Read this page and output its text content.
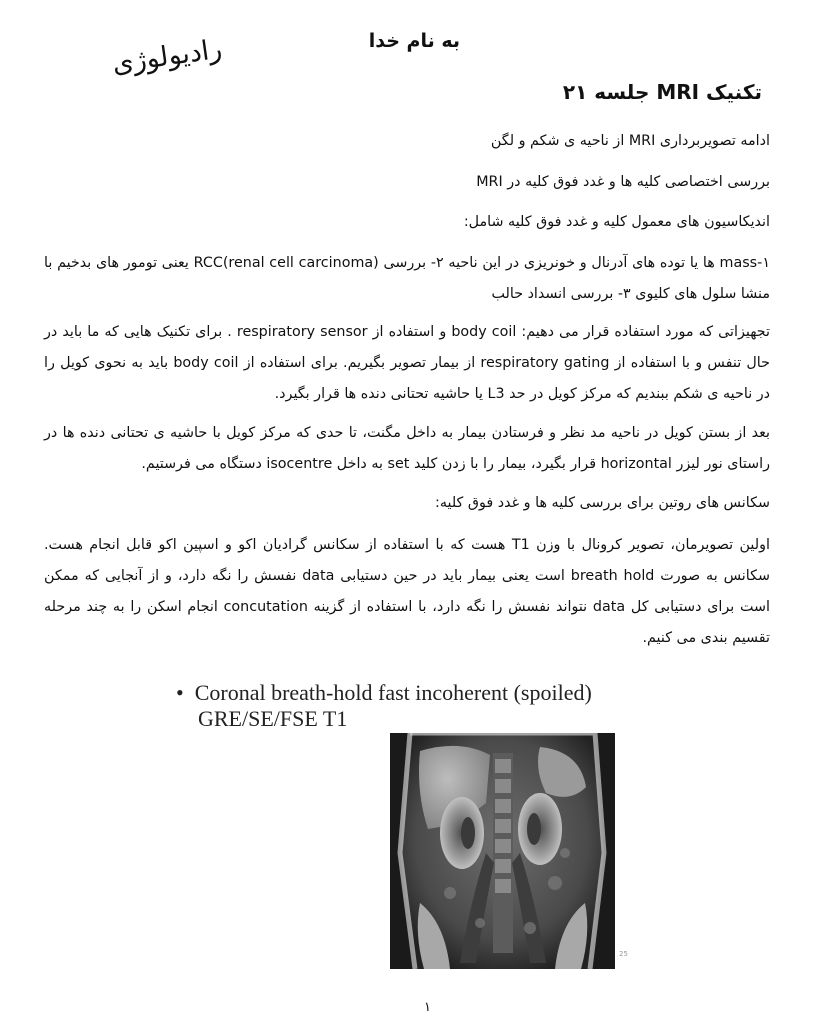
رادیولوژی	به نام خدا
تکنیک MRI جلسه ۲۱

ادامه تصویربرداری MRI از ناحیه ی شکم و لگن

بررسی اختصاصی کلیه ها و غدد فوق کلیه در MRI

اندیکاسیون های معمول کلیه و غدد فوق کلیه شامل:

۱-mass ها یا توده های آدرنال و خونریزی در این ناحیه ۲- بررسی RCC(renal cell carcinoma) یعنی تومور های بدخیم با منشا سلول های کلیوی ۳- بررسی انسداد حالب

تجهیزاتی که مورد استفاده قرار می دهیم: body coil و استفاده از respiratory sensor . برای تکنیک هایی که ما باید در حال تنفس و با استفاده از respiratory gating از بیمار تصویر بگیریم. برای استفاده از body coil باید به نحوی کویل را در ناحیه ی شکم ببندیم که مرکز کویل در حد L3 یا حاشیه تحتانی دنده ها قرار بگیرد.

بعد از بستن کویل در ناحیه مد نظر و فرستادن بیمار به داخل مگنت، تا حدی که مرکز کویل با حاشیه ی تحتانی دنده ها در راستای نور لیزر horizontal قرار بگیرد، بیمار را با زدن کلید set به داخل isocentre دستگاه می فرستیم.

سکانس های روتین برای بررسی کلیه ها و غدد فوق کلیه:

اولین تصویرمان، تصویر کرونال با وزن T1 هست که با استفاده از سکانس گرادیان اکو و اسپین اکو قابل انجام هست. سکانس به صورت breath hold است یعنی بیمار باید در حین دستیابی data نفسش را نگه دارد، و از آنجایی که ممکن است برای دستیابی کل data نتواند نفسش را نگه دارد، با استفاده از گزینه concutation انجام اسکن را به چند مرحله تقسیم بندی می کنیم.

• Coronal breath-hold fast incoherent (spoiled) GRE/SE/FSE T1
25
۱
